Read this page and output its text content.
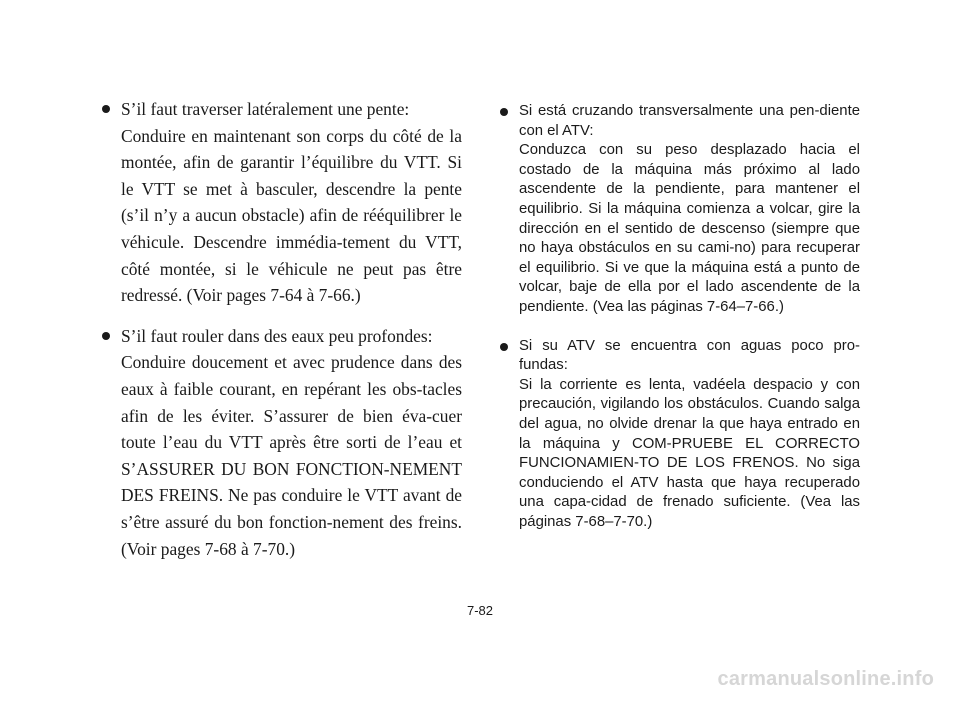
S’il faut traverser latéralement une pente:
Conduire en maintenant son corps du côté de la montée, afin de garantir l’équilibre du VTT. Si le VTT se met à basculer, descendre la pente (s’il n’y a aucun obstacle) afin de rééquilibrer le véhicule. Descendre immédia-tement du VTT, côté montée, si le véhicule ne peut pas être redressé. (Voir pages 7-64 à 7-66.)
S’il faut rouler dans des eaux peu profondes:
Conduire doucement et avec prudence dans des eaux à faible courant, en repérant les obs-tacles afin de les éviter. S’assurer de bien éva-cuer toute l’eau du VTT après être sorti de l’eau et S’ASSURER DU BON FONCTION-NEMENT DES FREINS. Ne pas conduire le VTT avant de s’être assuré du bon fonction-nement des freins. (Voir pages 7-68 à 7-70.)
Si está cruzando transversalmente una pen-diente con el ATV:
Conduzca con su peso desplazado hacia el costado de la máquina más próximo al lado ascendente de la pendiente, para mantener el equilibrio. Si la máquina comienza a volcar, gire la dirección en el sentido de descenso (siempre que no haya obstáculos en su cami-no) para recuperar el equilibrio. Si ve que la máquina está a punto de volcar, baje de ella por el lado ascendente de la pendiente. (Vea las páginas 7-64–7-66.)
Si su ATV se encuentra con aguas poco pro-fundas:
Si la corriente es lenta, vadéela despacio y con precaución, vigilando los obstáculos. Cuando salga del agua, no olvide drenar la que haya entrado en la máquina y COM-PRUEBE EL CORRECTO FUNCIONAMIEN-TO DE LOS FRENOS. No siga conduciendo el ATV hasta que haya recuperado una capa-cidad de frenado suficiente. (Vea las páginas 7-68–7-70.)
7-82
carmanualsonline.info
